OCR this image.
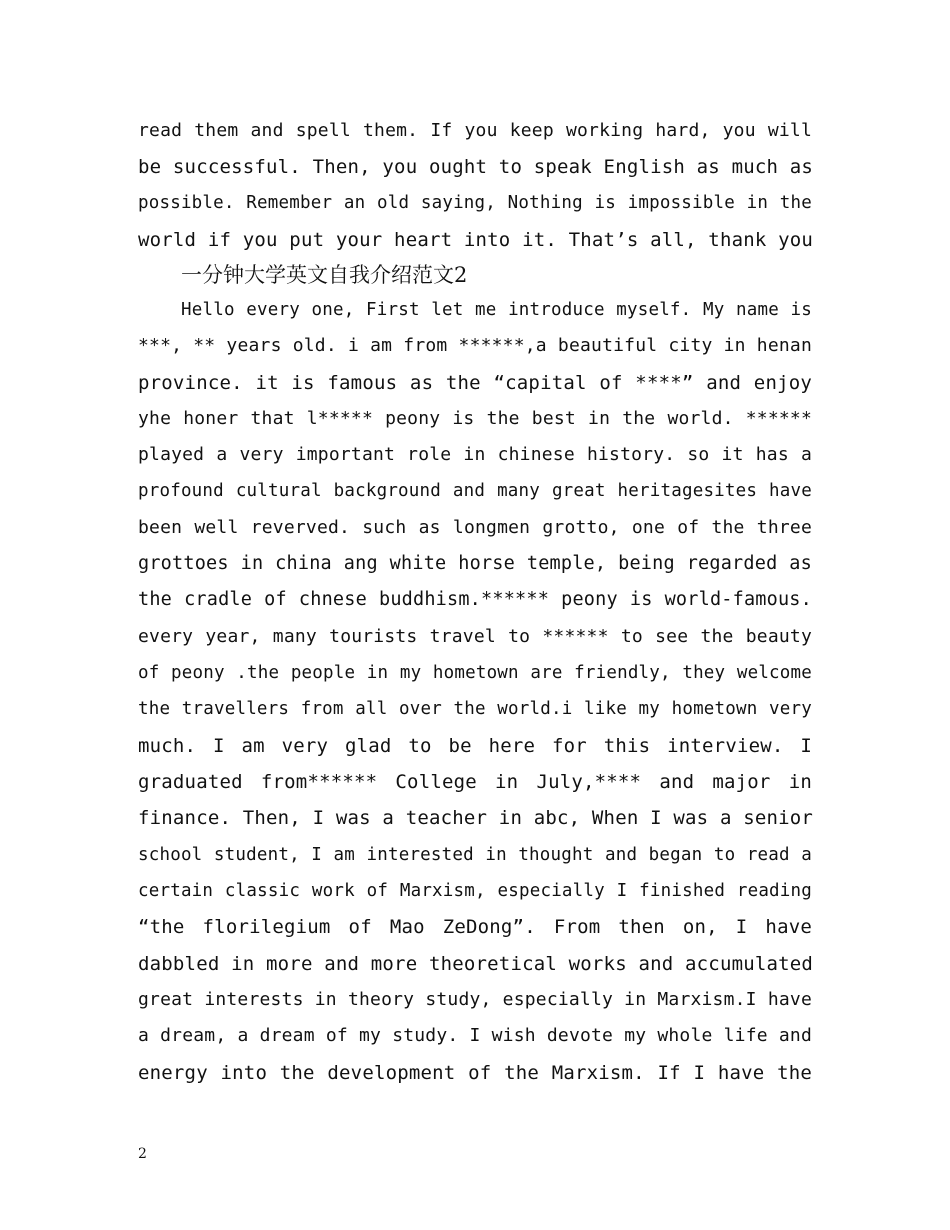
read them and spell them. If you keep working hard, you will
be successful. Then, you ought to speak English as much as
possible. Remember an old saying, Nothing is impossible in the
world if you put your heart into it. That’s all, thank you
一分钟大学英文自我介绍范文2
Hello every one, First let me introduce myself. My name is
***, ** years old. i am from ******,a beautiful city in henan
province. it is famous as the “capital of ****” and enjoy
yhe honer that l***** peony is the best in the world. ******
played a very important role in chinese history. so it has a
profound cultural background and many great heritagesites have
been well reverved. such as longmen grotto, one of the three
grottoes in china ang white horse temple, being regarded as
the cradle of chnese buddhism.****** peony is world-famous.
every year, many tourists travel to ****** to see the beauty
of peony .the people in my hometown are friendly, they welcome
the travellers from all over the world.i like my hometown very
much. I am very glad to be here for this interview. I
graduated from****** College in July,**** and major in
finance. Then, I was a teacher in abc, When I was a senior
school student, I am interested in thought and began to read a
certain classic work of Marxism, especially I finished reading
“the florilegium of Mao ZeDong”. From then on, I have
dabbled in more and more theoretical works and accumulated
great interests in theory study, especially in Marxism.I have
a dream, a dream of my study. I wish devote my whole life and
energy into the development of the Marxism. If I have the
2
